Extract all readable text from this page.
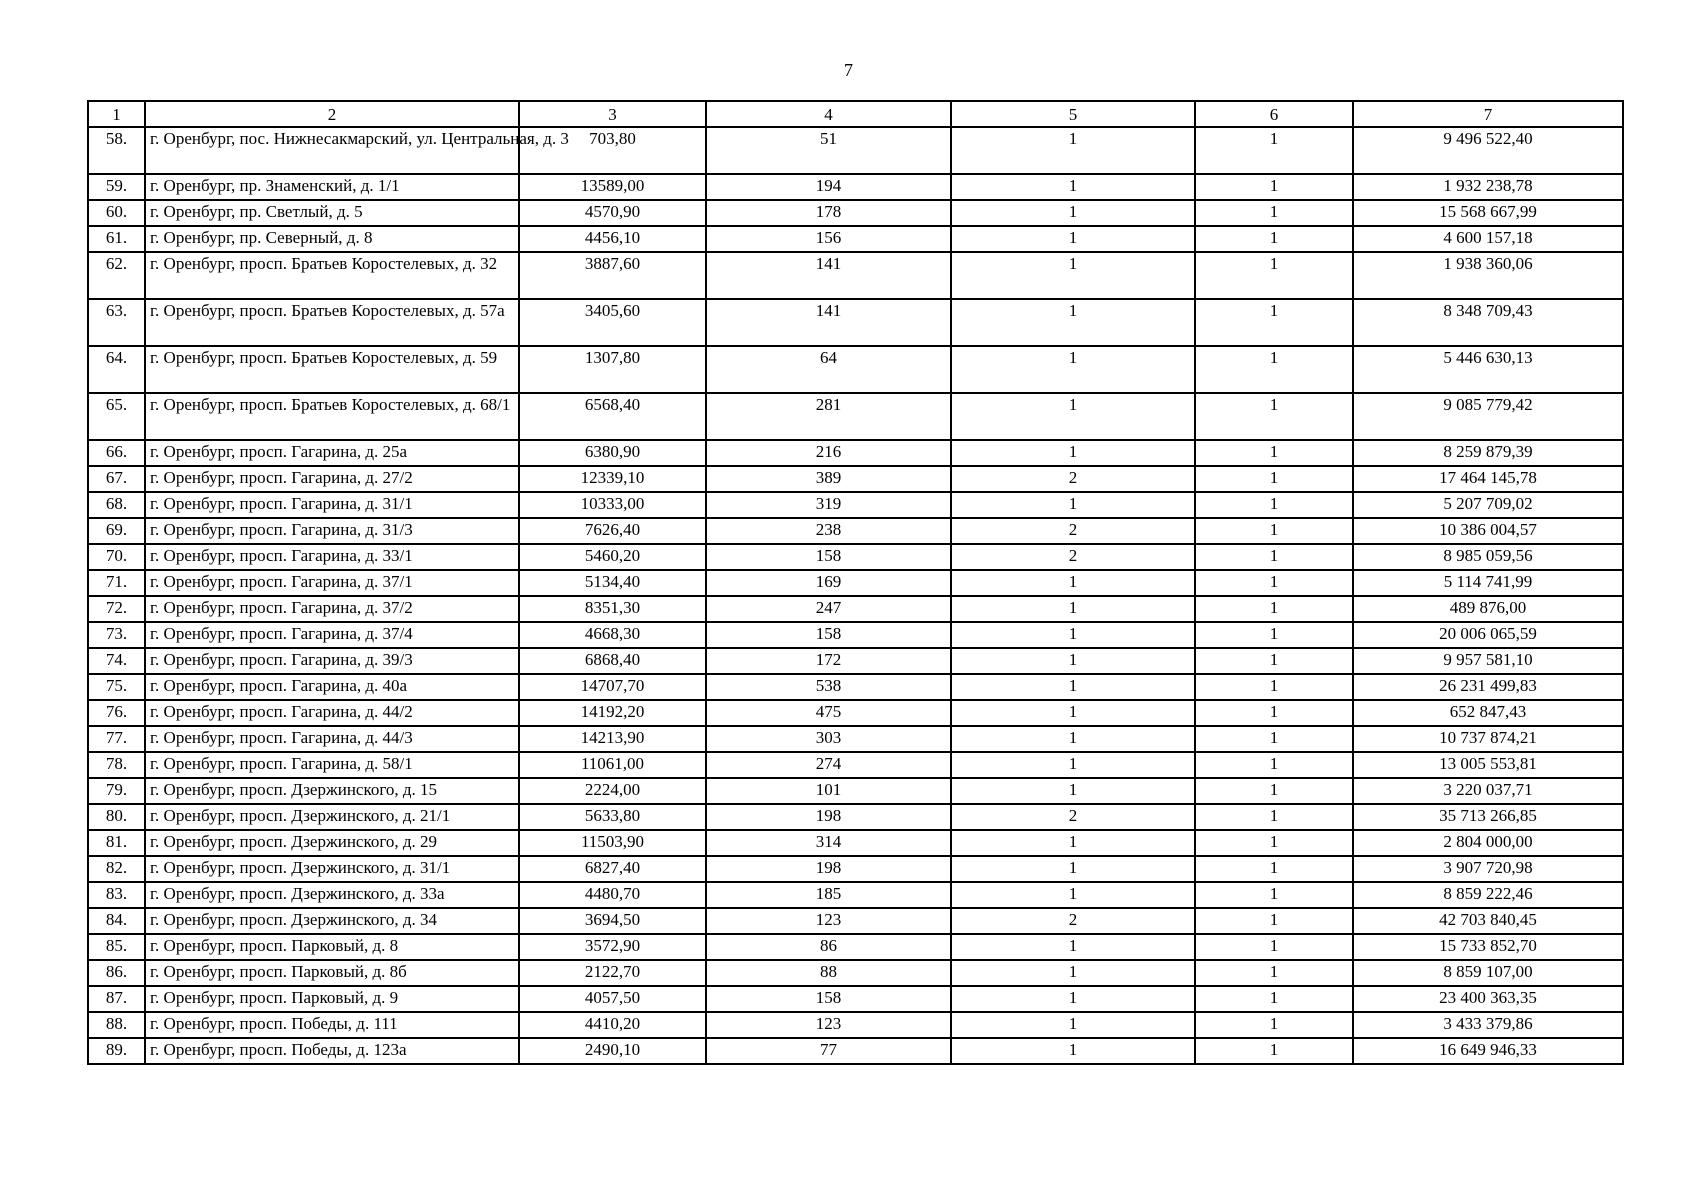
7
1	2	3	4	5	6	7
58.	г. Оренбург, пос. Нижнесакмарский, ул. Центральная, д. 3	703,80	51	1	1	9 496 522,40
59.	г. Оренбург, пр. Знаменский, д. 1/1	13589,00	194	1	1	1 932 238,78
60.	г. Оренбург, пр. Светлый, д. 5	4570,90	178	1	1	15 568 667,99
61.	г. Оренбург, пр. Северный, д. 8	4456,10	156	1	1	4 600 157,18
62.	г. Оренбург, просп. Братьев Коростелевых, д. 32	3887,60	141	1	1	1 938 360,06
63.	г. Оренбург, просп. Братьев Коростелевых, д. 57а	3405,60	141	1	1	8 348 709,43
64.	г. Оренбург, просп. Братьев Коростелевых, д. 59	1307,80	64	1	1	5 446 630,13
65.	г. Оренбург, просп. Братьев Коростелевых, д. 68/1	6568,40	281	1	1	9 085 779,42
66.	г. Оренбург, просп. Гагарина, д. 25а	6380,90	216	1	1	8 259 879,39
67.	г. Оренбург, просп. Гагарина, д. 27/2	12339,10	389	2	1	17 464 145,78
68.	г. Оренбург, просп. Гагарина, д. 31/1	10333,00	319	1	1	5 207 709,02
69.	г. Оренбург, просп. Гагарина, д. 31/3	7626,40	238	2	1	10 386 004,57
70.	г. Оренбург, просп. Гагарина, д. 33/1	5460,20	158	2	1	8 985 059,56
71.	г. Оренбург, просп. Гагарина, д. 37/1	5134,40	169	1	1	5 114 741,99
72.	г. Оренбург, просп. Гагарина, д. 37/2	8351,30	247	1	1	489 876,00
73.	г. Оренбург, просп. Гагарина, д. 37/4	4668,30	158	1	1	20 006 065,59
74.	г. Оренбург, просп. Гагарина, д. 39/3	6868,40	172	1	1	9 957 581,10
75.	г. Оренбург, просп. Гагарина, д. 40а	14707,70	538	1	1	26 231 499,83
76.	г. Оренбург, просп. Гагарина, д. 44/2	14192,20	475	1	1	652 847,43
77.	г. Оренбург, просп. Гагарина, д. 44/3	14213,90	303	1	1	10 737 874,21
78.	г. Оренбург, просп. Гагарина, д. 58/1	11061,00	274	1	1	13 005 553,81
79.	г. Оренбург, просп. Дзержинского, д. 15	2224,00	101	1	1	3 220 037,71
80.	г. Оренбург, просп. Дзержинского, д. 21/1	5633,80	198	2	1	35 713 266,85
81.	г. Оренбург, просп. Дзержинского, д. 29	11503,90	314	1	1	2 804 000,00
82.	г. Оренбург, просп. Дзержинского, д. 31/1	6827,40	198	1	1	3 907 720,98
83.	г. Оренбург, просп. Дзержинского, д. 33а	4480,70	185	1	1	8 859 222,46
84.	г. Оренбург, просп. Дзержинского, д. 34	3694,50	123	2	1	42 703 840,45
85.	г. Оренбург, просп. Парковый, д. 8	3572,90	86	1	1	15 733 852,70
86.	г. Оренбург, просп. Парковый, д. 8б	2122,70	88	1	1	8 859 107,00
87.	г. Оренбург, просп. Парковый, д. 9	4057,50	158	1	1	23 400 363,35
88.	г. Оренбург, просп. Победы, д. 111	4410,20	123	1	1	3 433 379,86
89.	г. Оренбург, просп. Победы, д. 123а	2490,10	77	1	1	16 649 946,33
